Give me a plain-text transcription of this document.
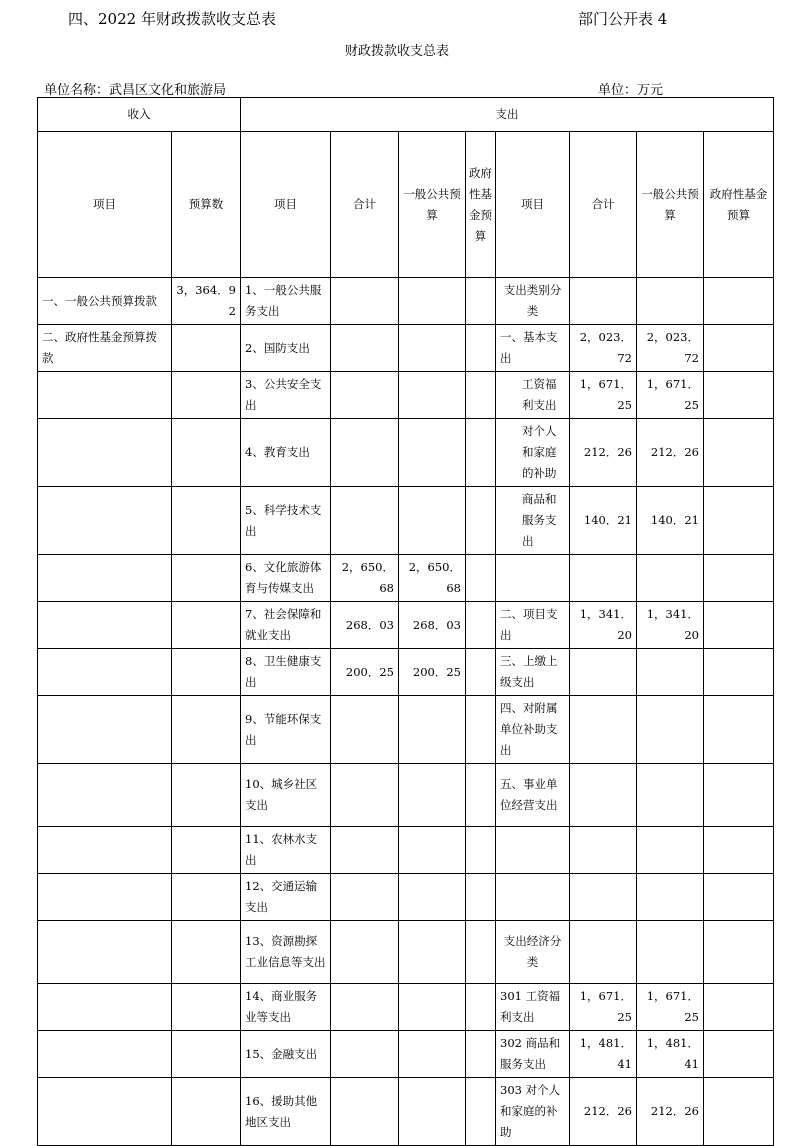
四、2022 年财政拨款收支总表	部门公开表 4
财政拨款收支总表
单位名称：武昌区文化和旅游局	单位：万元
收入		支出							
项目	预算数	项目	合计	一般公共预算	政府性基金预算	项目	合计	一般公共预算	政府性基金预算
一、一般公共预算拨款	3，364．92	1、一般公共服务支出				支出类别分类			
二、政府性基金预算拨款		2、国防支出				一、基本支出	2，023．72	2，023．72	
		3、公共安全支出				工资福利支出	1，671．25	1，671．25	
		4、教育支出				对个人和家庭的补助	212．26	212．26	
		5、科学技术支出				商品和服务支出	140．21	140．21	
		6、文化旅游体育与传媒支出	2，650．68	2，650．68					
		7、社会保障和就业支出	268．03	268．03		二、项目支出	1，341．20	1，341．20	
		8、卫生健康支出	200．25	200．25		三、上缴上级支出			
		9、节能环保支出				四、对附属单位补助支出			
		10、城乡社区支出				五、事业单位经营支出			
		11、农林水支出							
		12、交通运输支出							
		13、资源勘探工业信息等支出				支出经济分类			
		14、商业服务业等支出				301 工资福利支出	1，671．25	1，671．25	
		15、金融支出				302 商品和服务支出	1，481．41	1，481．41	
		16、援助其他地区支出				303 对个人和家庭的补助	212．26	212．26	
